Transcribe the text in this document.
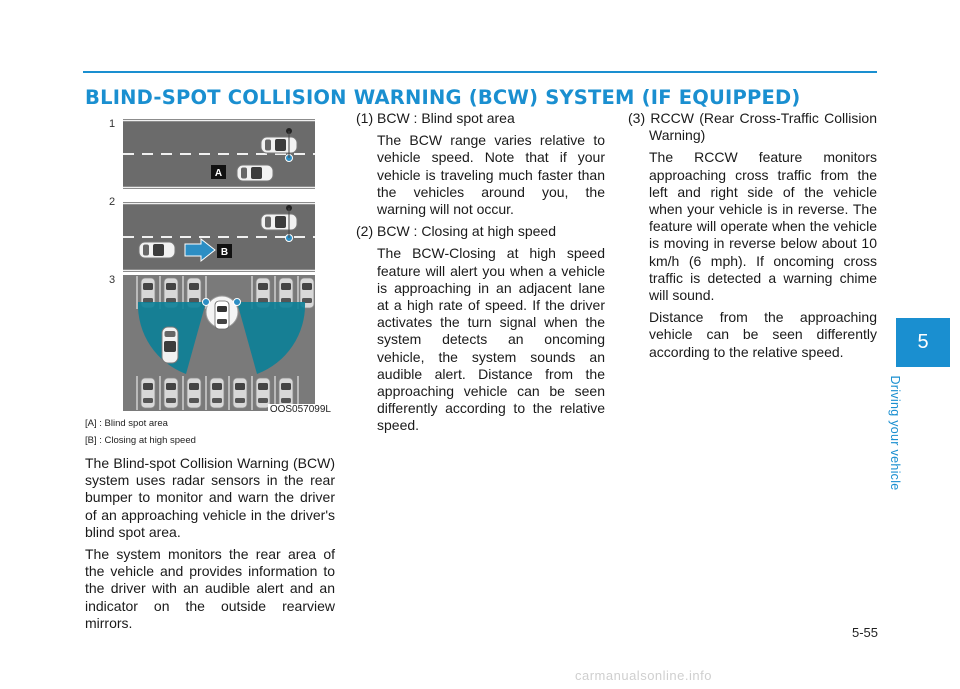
BLIND-SPOT COLLISION WARNING (BCW) SYSTEM (IF EQUIPPED)
A
B
1
2
3
OOS057099L
[A] : Blind spot area
[B] : Closing at high speed

The Blind-spot Collision Warning (BCW) system uses radar sensors in the rear bumper to monitor and warn the driver of an approaching vehicle in the driver's blind spot area.

The system monitors the rear area of the vehicle and provides information to the driver with an audible alert and an indicator on the outside rearview mirrors.

(1) BCW : Blind spot area

The BCW range varies relative to vehicle speed. Note that if your vehicle is traveling much faster than the vehicles around you, the warning will not occur.

(2) BCW : Closing at high speed

The BCW-Closing at high speed feature will alert you when a vehicle is approaching in an adjacent lane at a high rate of speed. If the driver activates the turn signal when the system detects an oncoming vehicle, the system sounds an audible alert. Distance from the approaching vehicle can be seen differently according to the relative speed.

(3) RCCW (Rear Cross-Traffic Collision Warning)

The RCCW feature monitors approaching cross traffic from the left and right side of the vehicle when your vehicle is in reverse. The feature will operate when the vehicle is moving in reverse below about 10 km/h (6 mph). If oncoming cross traffic is detected a warning chime will sound.

Distance from the approaching vehicle can be seen differently according to the relative speed.	5
Driving your vehicle
5-55
carmanualsonline.info
